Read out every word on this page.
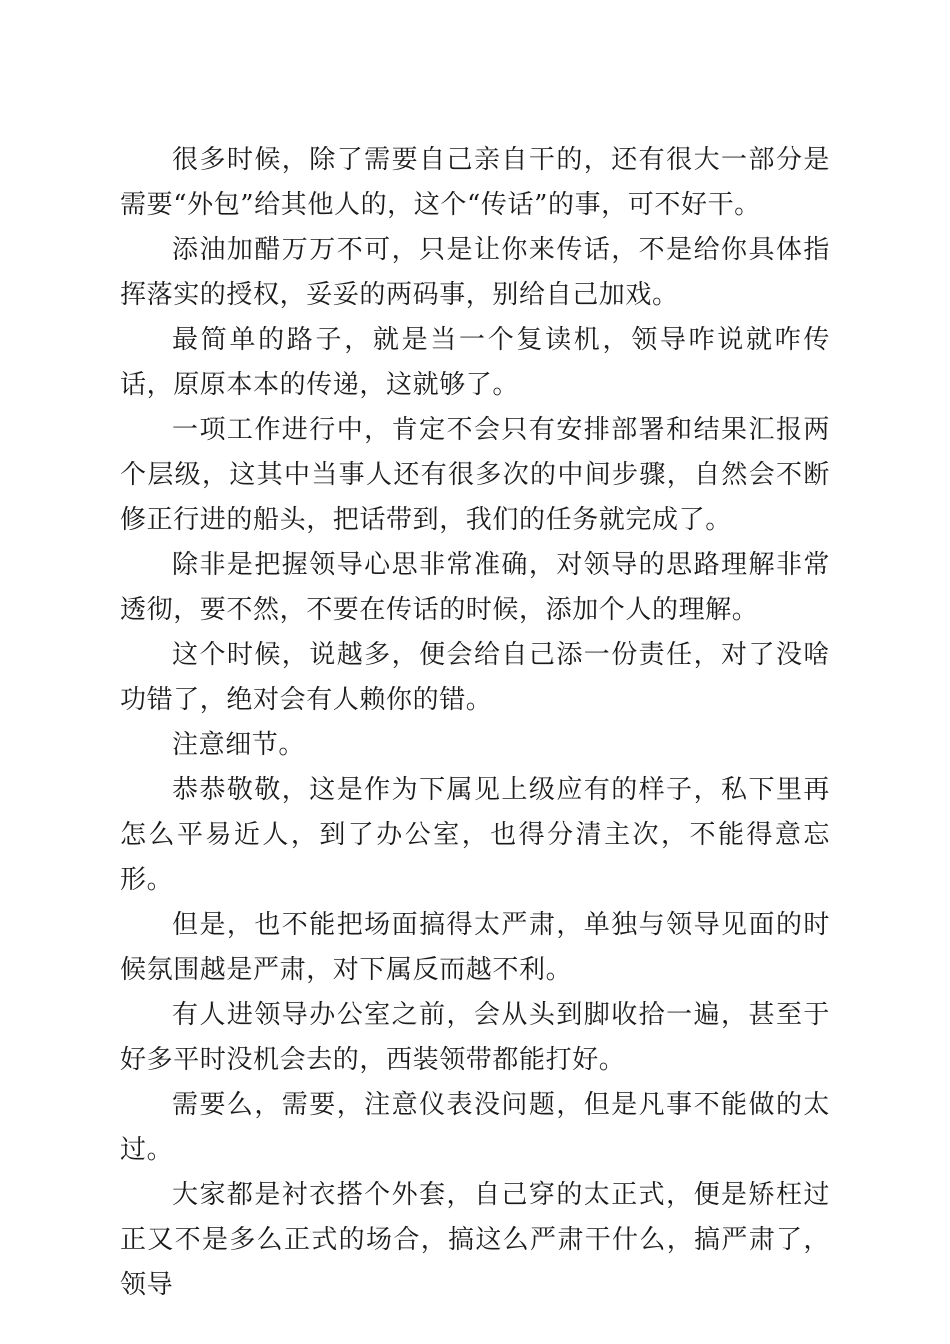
很多时候，除了需要自己亲自干的，还有很大一部分是需要“外包”给其他人的，这个“传话”的事，可不好干。

添油加醋万万不可，只是让你来传话，不是给你具体指挥落实的授权，妥妥的两码事，别给自己加戏。

最简单的路子，就是当一个复读机，领导咋说就咋传话，原原本本的传递，这就够了。

一项工作进行中，肯定不会只有安排部署和结果汇报两个层级，这其中当事人还有很多次的中间步骤，自然会不断修正行进的船头，把话带到，我们的任务就完成了。

除非是把握领导心思非常准确，对领导的思路理解非常透彻，要不然，不要在传话的时候，添加个人的理解。

这个时候，说越多，便会给自己添一份责任，对了没啥功错了，绝对会有人赖你的错。

注意细节。

恭恭敬敬，这是作为下属见上级应有的样子，私下里再怎么平易近人，到了办公室，也得分清主次，不能得意忘形。

但是，也不能把场面搞得太严肃，单独与领导见面的时候氛围越是严肃，对下属反而越不利。

有人进领导办公室之前，会从头到脚收拾一遍，甚至于好多平时没机会去的，西装领带都能打好。

需要么，需要，注意仪表没问题，但是凡事不能做的太过。

大家都是衬衣搭个外套，自己穿的太正式，便是矫枉过正又不是多么正式的场合，搞这么严肃干什么，搞严肃了，领导
